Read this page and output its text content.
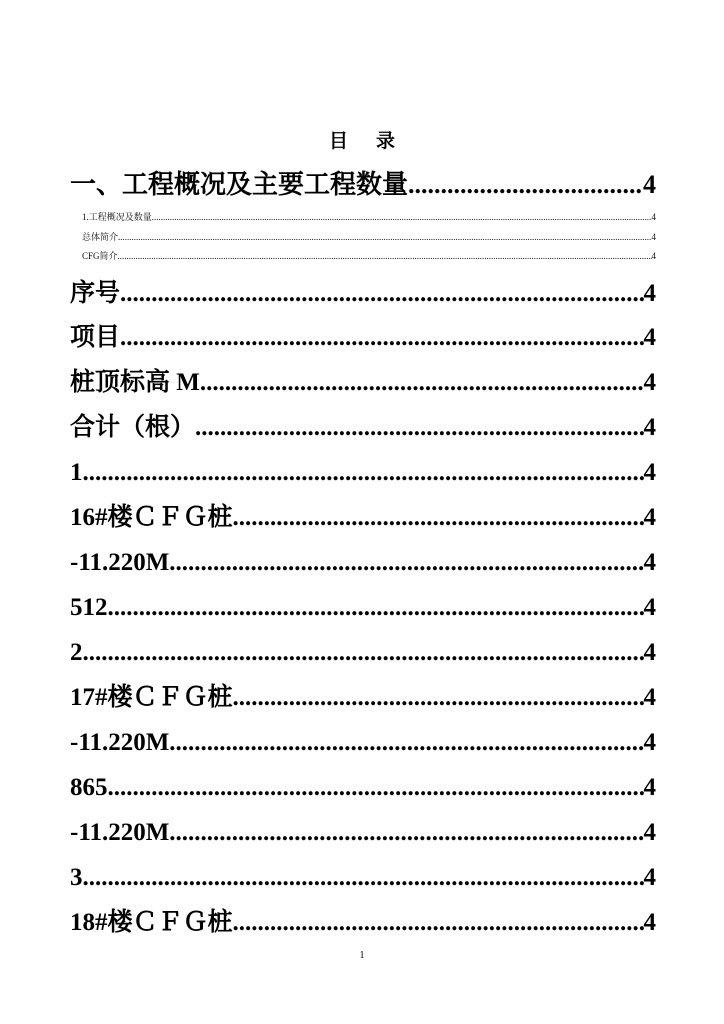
目录
一、工程概况及主要工程数量 .....	4
1.工程概况及数量 .....	4
总体简介 .....	4
CFG简介 .....	4
序号 .....	4
项目 .....	4
桩顶标高 M .....	4
合计（根） .....	4
1 .....	4
16#楼ＣＦＧ桩 .....	4
-11.220M .....	4
512 .....	4
2 .....	4
17#楼ＣＦＧ桩 .....	4
-11.220M .....	4
865 .....	4
-11.220M .....	4
3 .....	4
18#楼ＣＦＧ桩 .....	4
1
